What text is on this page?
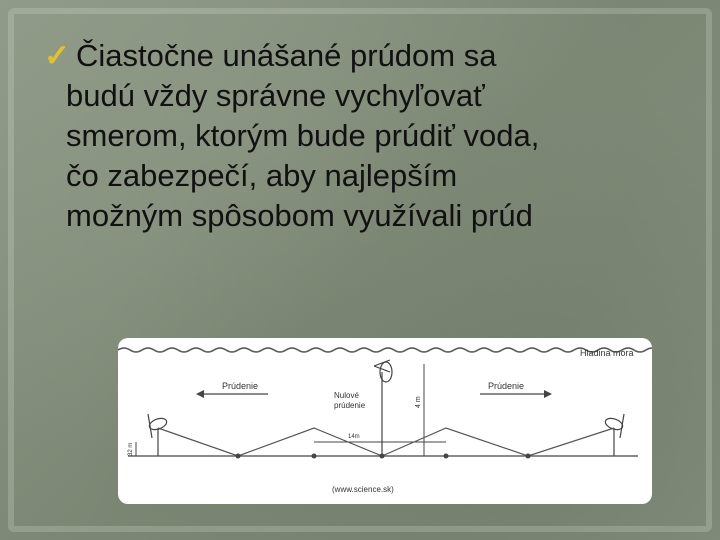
✓ Čiastočne unášané prúdom sa
budú vždy správne vychyľovať
smerom, ktorým bude prúdiť voda,
čo zabezpečí, aby najlepším
možným spôsobom využívali prúd
Hladina mora
Prúdenie	Prúdenie
Nulové
prúdenie	4 m
14m
32 m
(www.science.sk)
